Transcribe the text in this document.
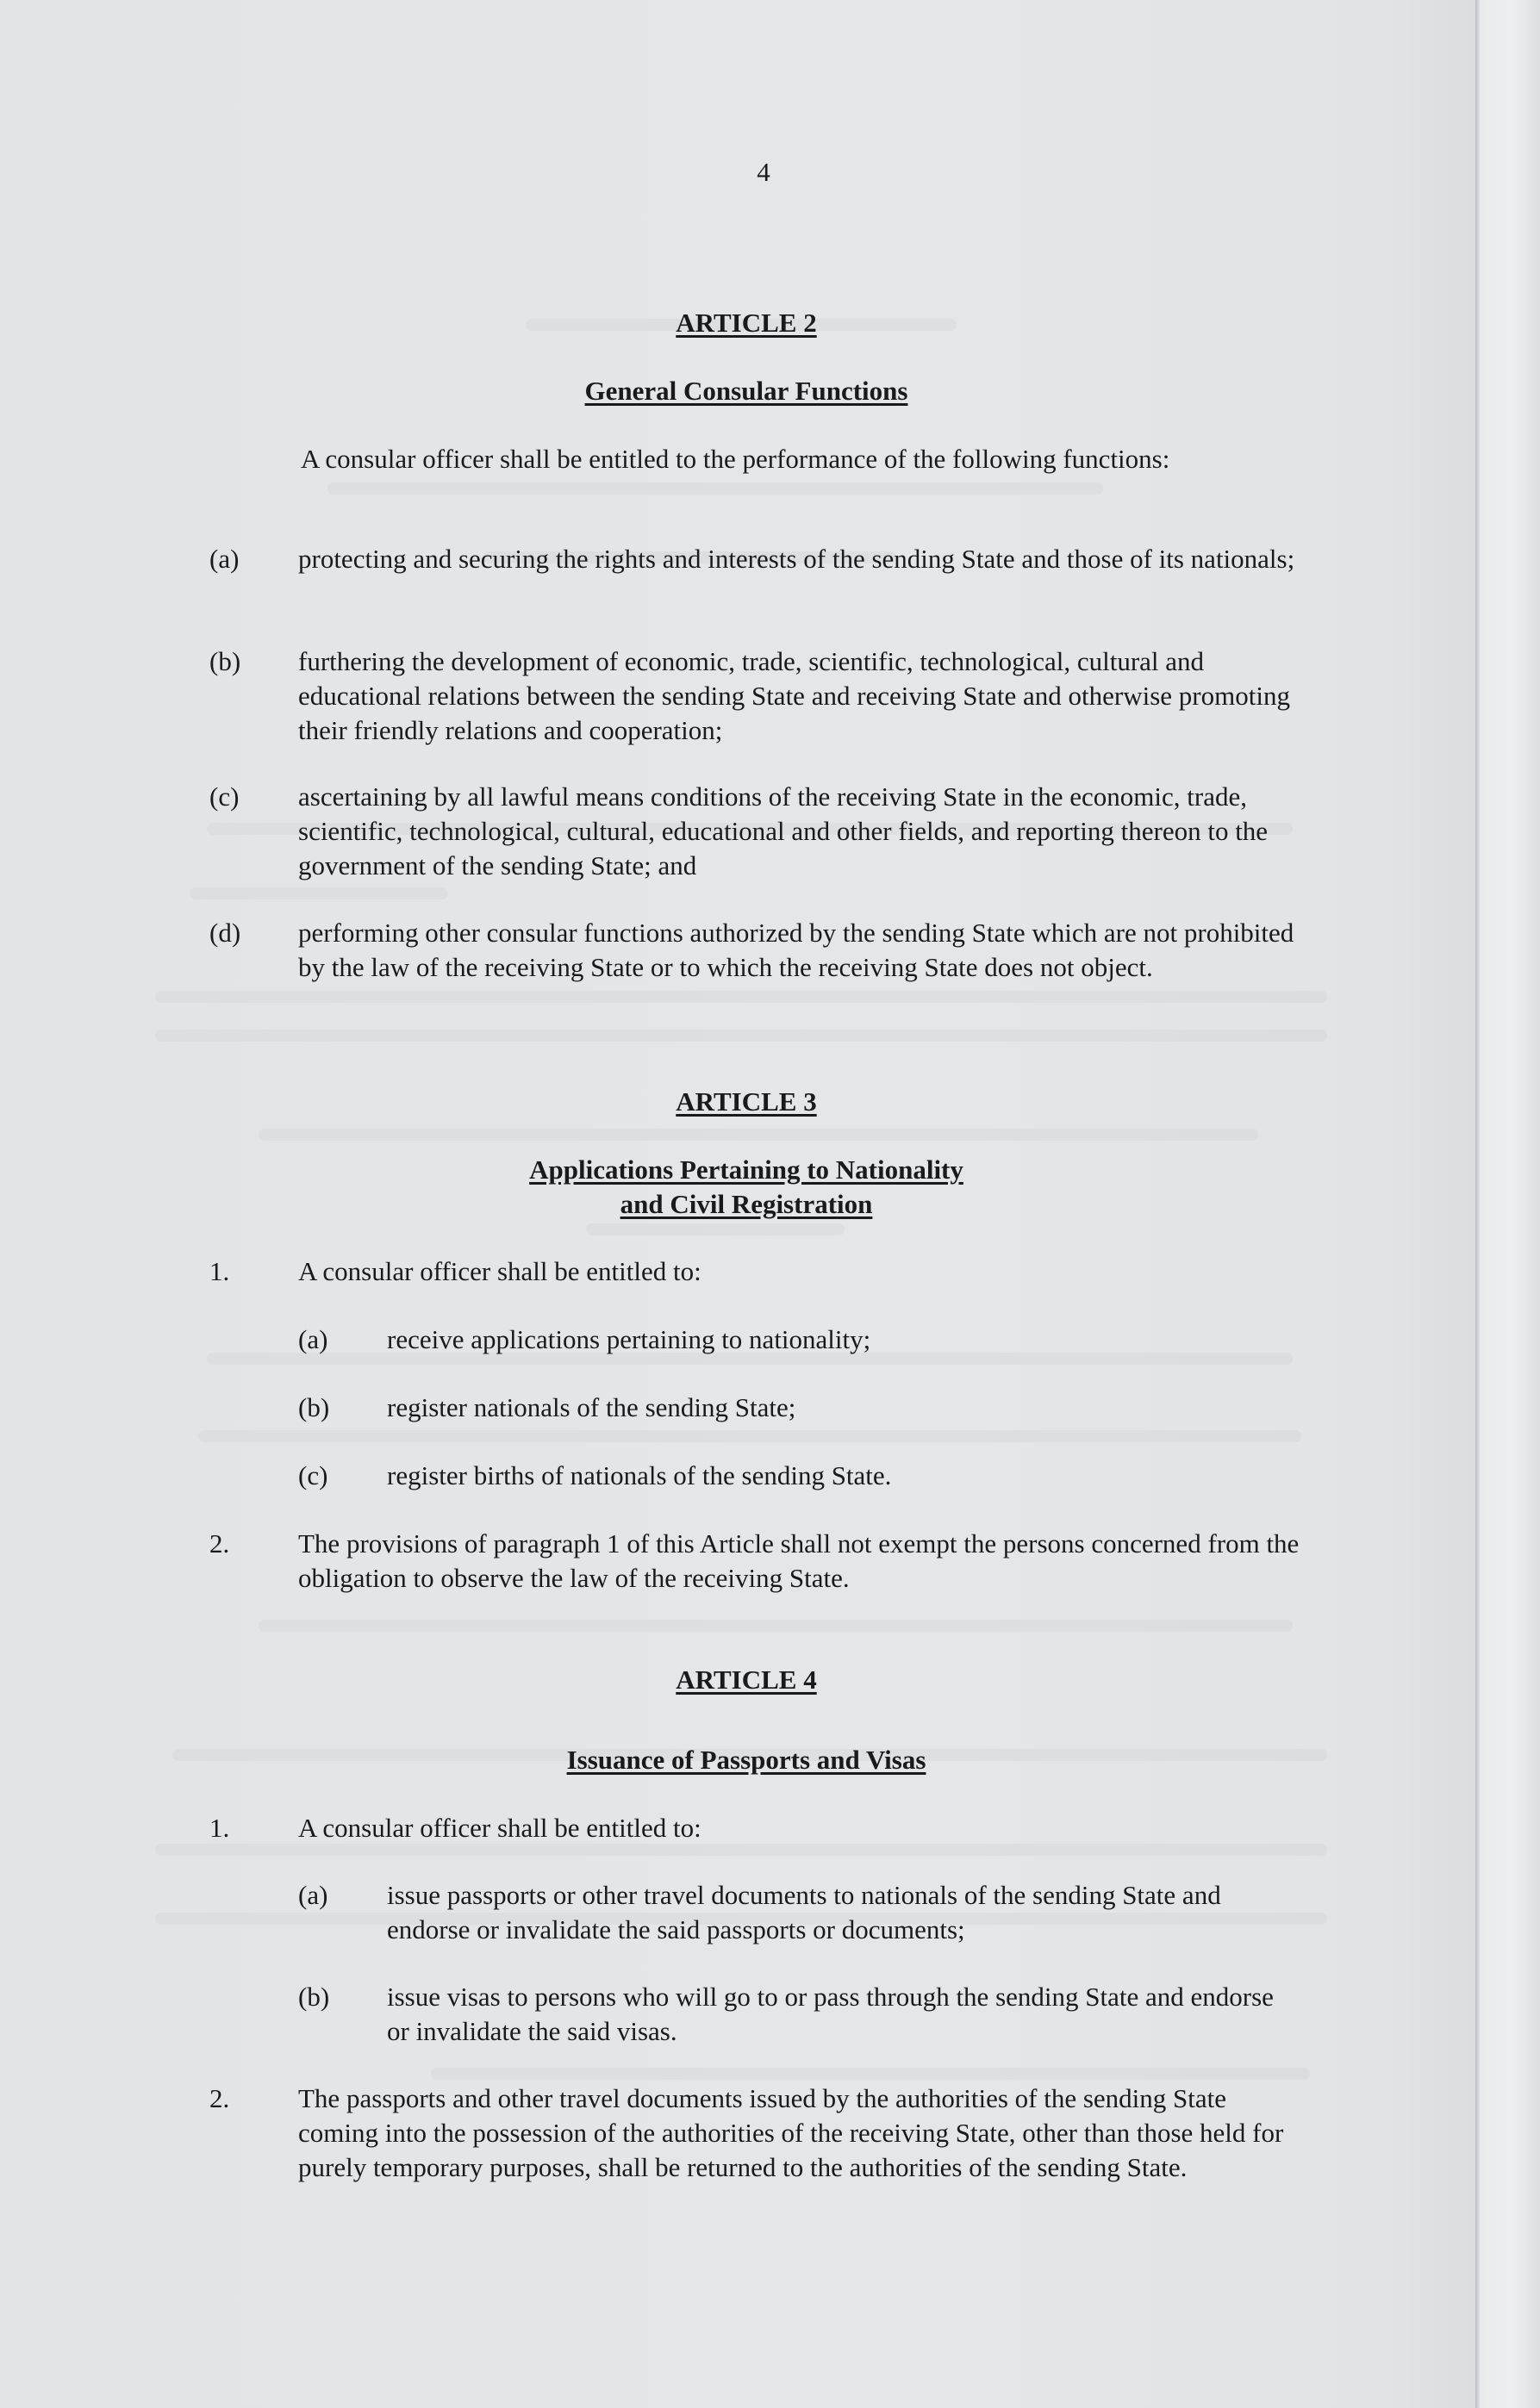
4
ARTICLE 2
General Consular Functions
A consular officer shall be entitled to the performance of the following functions:
(a) protecting and securing the rights and interests of the sending State and those of its nationals;
(b) furthering the development of economic, trade, scientific, technological, cultural and educational relations between the sending State and receiving State and otherwise promoting their friendly relations and cooperation;
(c) ascertaining by all lawful means conditions of the receiving State in the economic, trade, scientific, technological, cultural, educational and other fields, and reporting thereon to the government of the sending State; and
(d) performing other consular functions authorized by the sending State which are not prohibited by the law of the receiving State or to which the receiving State does not object.
ARTICLE 3
Applications Pertaining to Nationality
and Civil Registration
1.	A consular officer shall be entitled to:
(a) receive applications pertaining to nationality;
(b) register nationals of the sending State;
(c) register births of nationals of the sending State.
2.	The provisions of paragraph 1 of this Article shall not exempt the persons concerned from the obligation to observe the law of the receiving State.
ARTICLE 4
Issuance of Passports and Visas
1.	A consular officer shall be entitled to:
(a) issue passports or other travel documents to nationals of the sending State and endorse or invalidate the said passports or documents;
(b) issue visas to persons who will go to or pass through the sending State and endorse or invalidate the said visas.
2.	The passports and other travel documents issued by the authorities of the sending State coming into the possession of the authorities of the receiving State, other than those held for purely temporary purposes, shall be returned to the authorities of the sending State.
